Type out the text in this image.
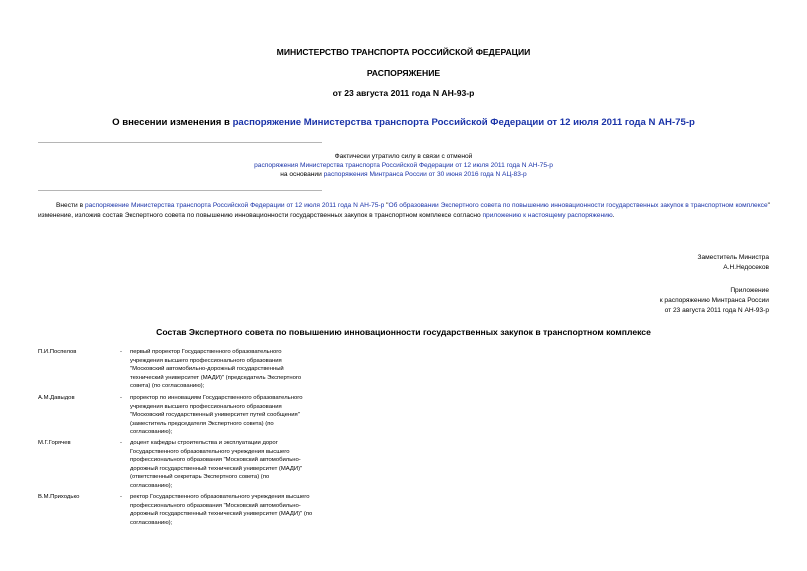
МИНИСТЕРСТВО ТРАНСПОРТА РОССИЙСКОЙ ФЕДЕРАЦИИ
РАСПОРЯЖЕНИЕ
от 23 августа 2011 года N АН-93-р
О внесении изменения в распоряжение Министерства транспорта Российской Федерации от 12 июля 2011 года N АН-75-р
Фактически утратило силу в связи с отменой
распоряжения Министерства транспорта Российской Федерации от 12 июля 2011 года N АН-75-р
на основании распоряжения Минтранса России от 30 июня 2016 года N АЦ-83-р
Внести в распоряжение Министерства транспорта Российской Федерации от 12 июля 2011 года N АН-75-р "Об образовании Экспертного совета по повышению инновационности государственных закупок в транспортном комплексе" изменение, изложив состав Экспертного совета по повышению инновационности государственных закупок в транспортном комплексе согласно приложению к настоящему распоряжению.
Заместитель Министра
А.Н.Недосеков
Приложение
к распоряжению Минтранса России
от 23 августа 2011 года N АН-93-р
Состав Экспертного совета по повышению инновационности государственных закупок в транспортном комплексе
П.И.Поспелов	-	первый проректор Государственного образовательного
учреждения высшего профессионального образования
"Московский автомобильно-дорожный государственный
технический университет (МАДИ)" (председатель Экспертного
совета) (по согласованию);
А.М.Давыдов	-	проректор по инновациям Государственного образовательного
учреждения высшего профессионального образования
"Московский государственный университет путей сообщения"
(заместитель председателя Экспертного совета) (по
согласованию);
М.Г.Горячев	-	доцент кафедры строительства и эксплуатации дорог
Государственного образовательного учреждения высшего
профессионального образования "Московский автомобильно-
дорожный государственный технический университет (МАДИ)"
(ответственный секретарь Экспертного совета) (по
согласованию);
В.М.Приходько	-	ректор Государственного образовательного учреждения высшего
профессионального образования "Московский автомобильно-
дорожный государственный технический университет (МАДИ)" (по
согласованию);
